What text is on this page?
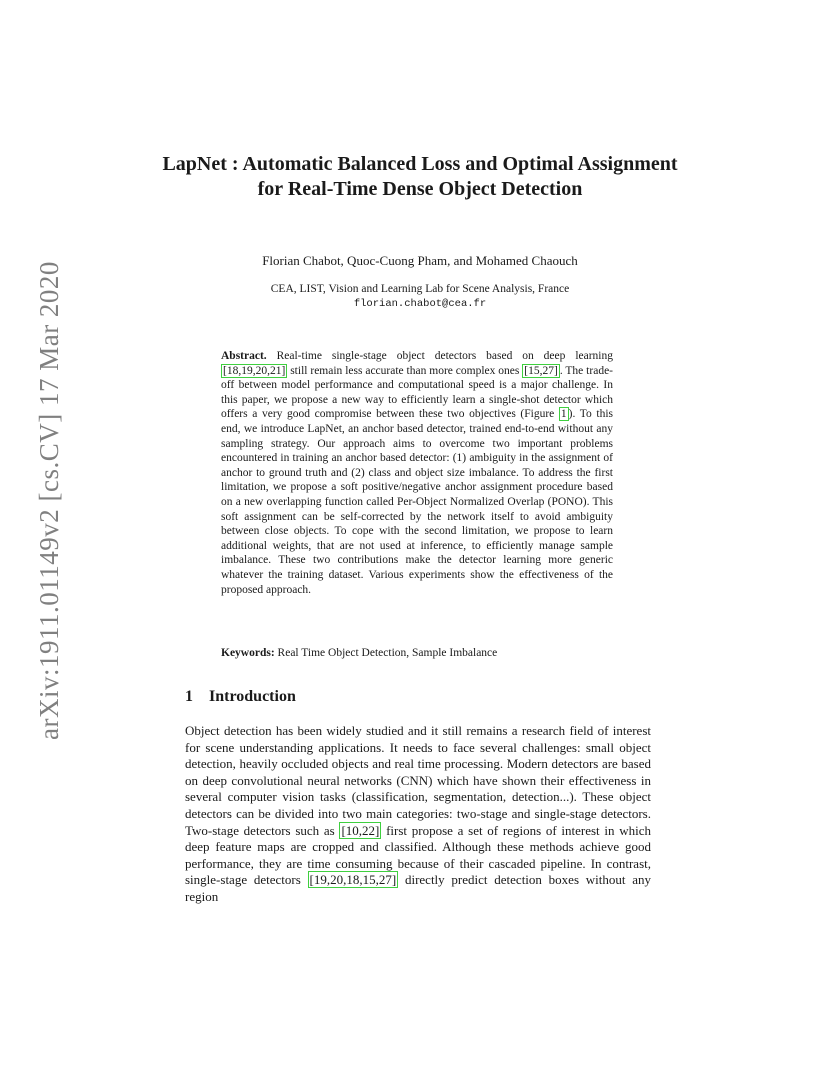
arXiv:1911.01149v2 [cs.CV] 17 Mar 2020
LapNet : Automatic Balanced Loss and Optimal Assignment for Real-Time Dense Object Detection
Florian Chabot, Quoc-Cuong Pham, and Mohamed Chaouch
CEA, LIST, Vision and Learning Lab for Scene Analysis, France
florian.chabot@cea.fr
Abstract. Real-time single-stage object detectors based on deep learning [18,19,20,21] still remain less accurate than more complex ones [15,27] . The trade-off between model performance and computational speed is a major challenge. In this paper, we propose a new way to efficiently learn a single-shot detector which offers a very good compromise between these two objectives (Figure 1 ). To this end, we introduce LapNet, an anchor based detector, trained end-to-end without any sampling strategy. Our approach aims to overcome two important problems encountered in training an anchor based detector: (1) ambiguity in the assignment of anchor to ground truth and (2) class and object size imbalance. To address the first limitation, we propose a soft positive/negative anchor assignment procedure based on a new overlapping function called Per-Object Normalized Overlap (PONO). This soft assignment can be self-corrected by the network itself to avoid ambiguity between close objects. To cope with the second limitation, we propose to learn additional weights, that are not used at inference, to efficiently manage sample imbalance. These two contributions make the detector learning more generic whatever the training dataset. Various experiments show the effectiveness of the proposed approach.
Keywords: Real Time Object Detection, Sample Imbalance
1 Introduction
Object detection has been widely studied and it still remains a research field of interest for scene understanding applications. It needs to face several challenges: small object detection, heavily occluded objects and real time processing. Modern detectors are based on deep convolutional neural networks (CNN) which have shown their effectiveness in several computer vision tasks (classification, segmentation, detection...). These object detectors can be divided into two main categories: two-stage and single-stage detectors. Two-stage detectors such as [10,22] first propose a set of regions of interest in which deep feature maps are cropped and classified. Although these methods achieve good performance, they are time consuming because of their cascaded pipeline. In contrast, single-stage detectors [19,20,18,15,27] directly predict detection boxes without any region
